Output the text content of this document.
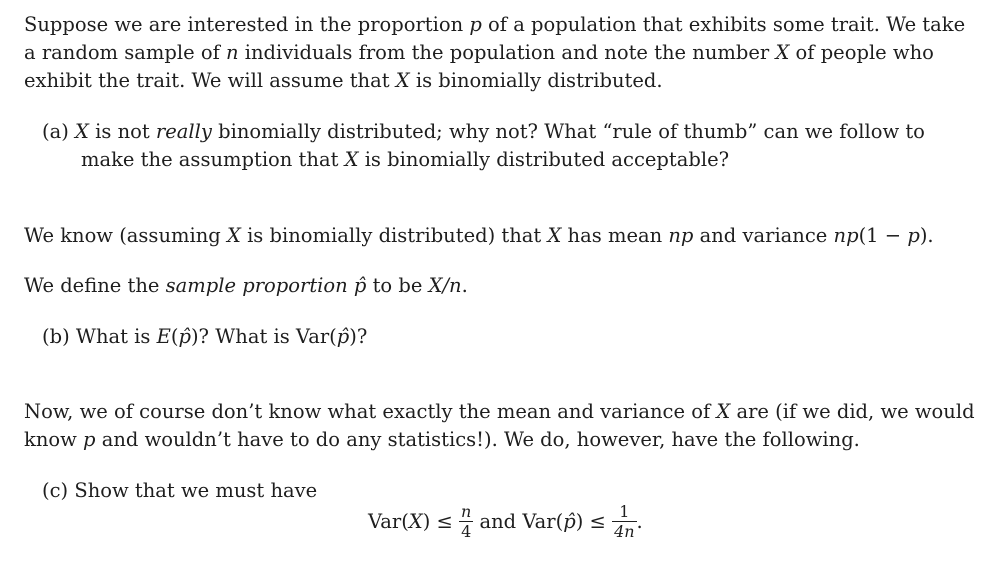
Suppose we are interested in the proportion p of a population that exhibits some trait. We take
a random sample of n individuals from the population and note the number X of people who
exhibit the trait. We will assume that X is binomially distributed.
(a) X is not really binomially distributed; why not? What “rule of thumb” can we follow to
make the assumption that X is binomially distributed acceptable?
We know (assuming X is binomially distributed) that X has mean np and variance np(1 − p).
We define the sample proportion p̂ to be X/n.
(b) What is E(p̂)? What is Var(p̂)?
Now, we of course don’t know what exactly the mean and variance of X are (if we did, we would
know p and wouldn’t have to do any statistics!). We do, however, have the following.
(c) Show that we must have
$Var(X) \le \frac{n}{4}$ and Var(p̂) ≤ $\frac{1}{4n}$ .
